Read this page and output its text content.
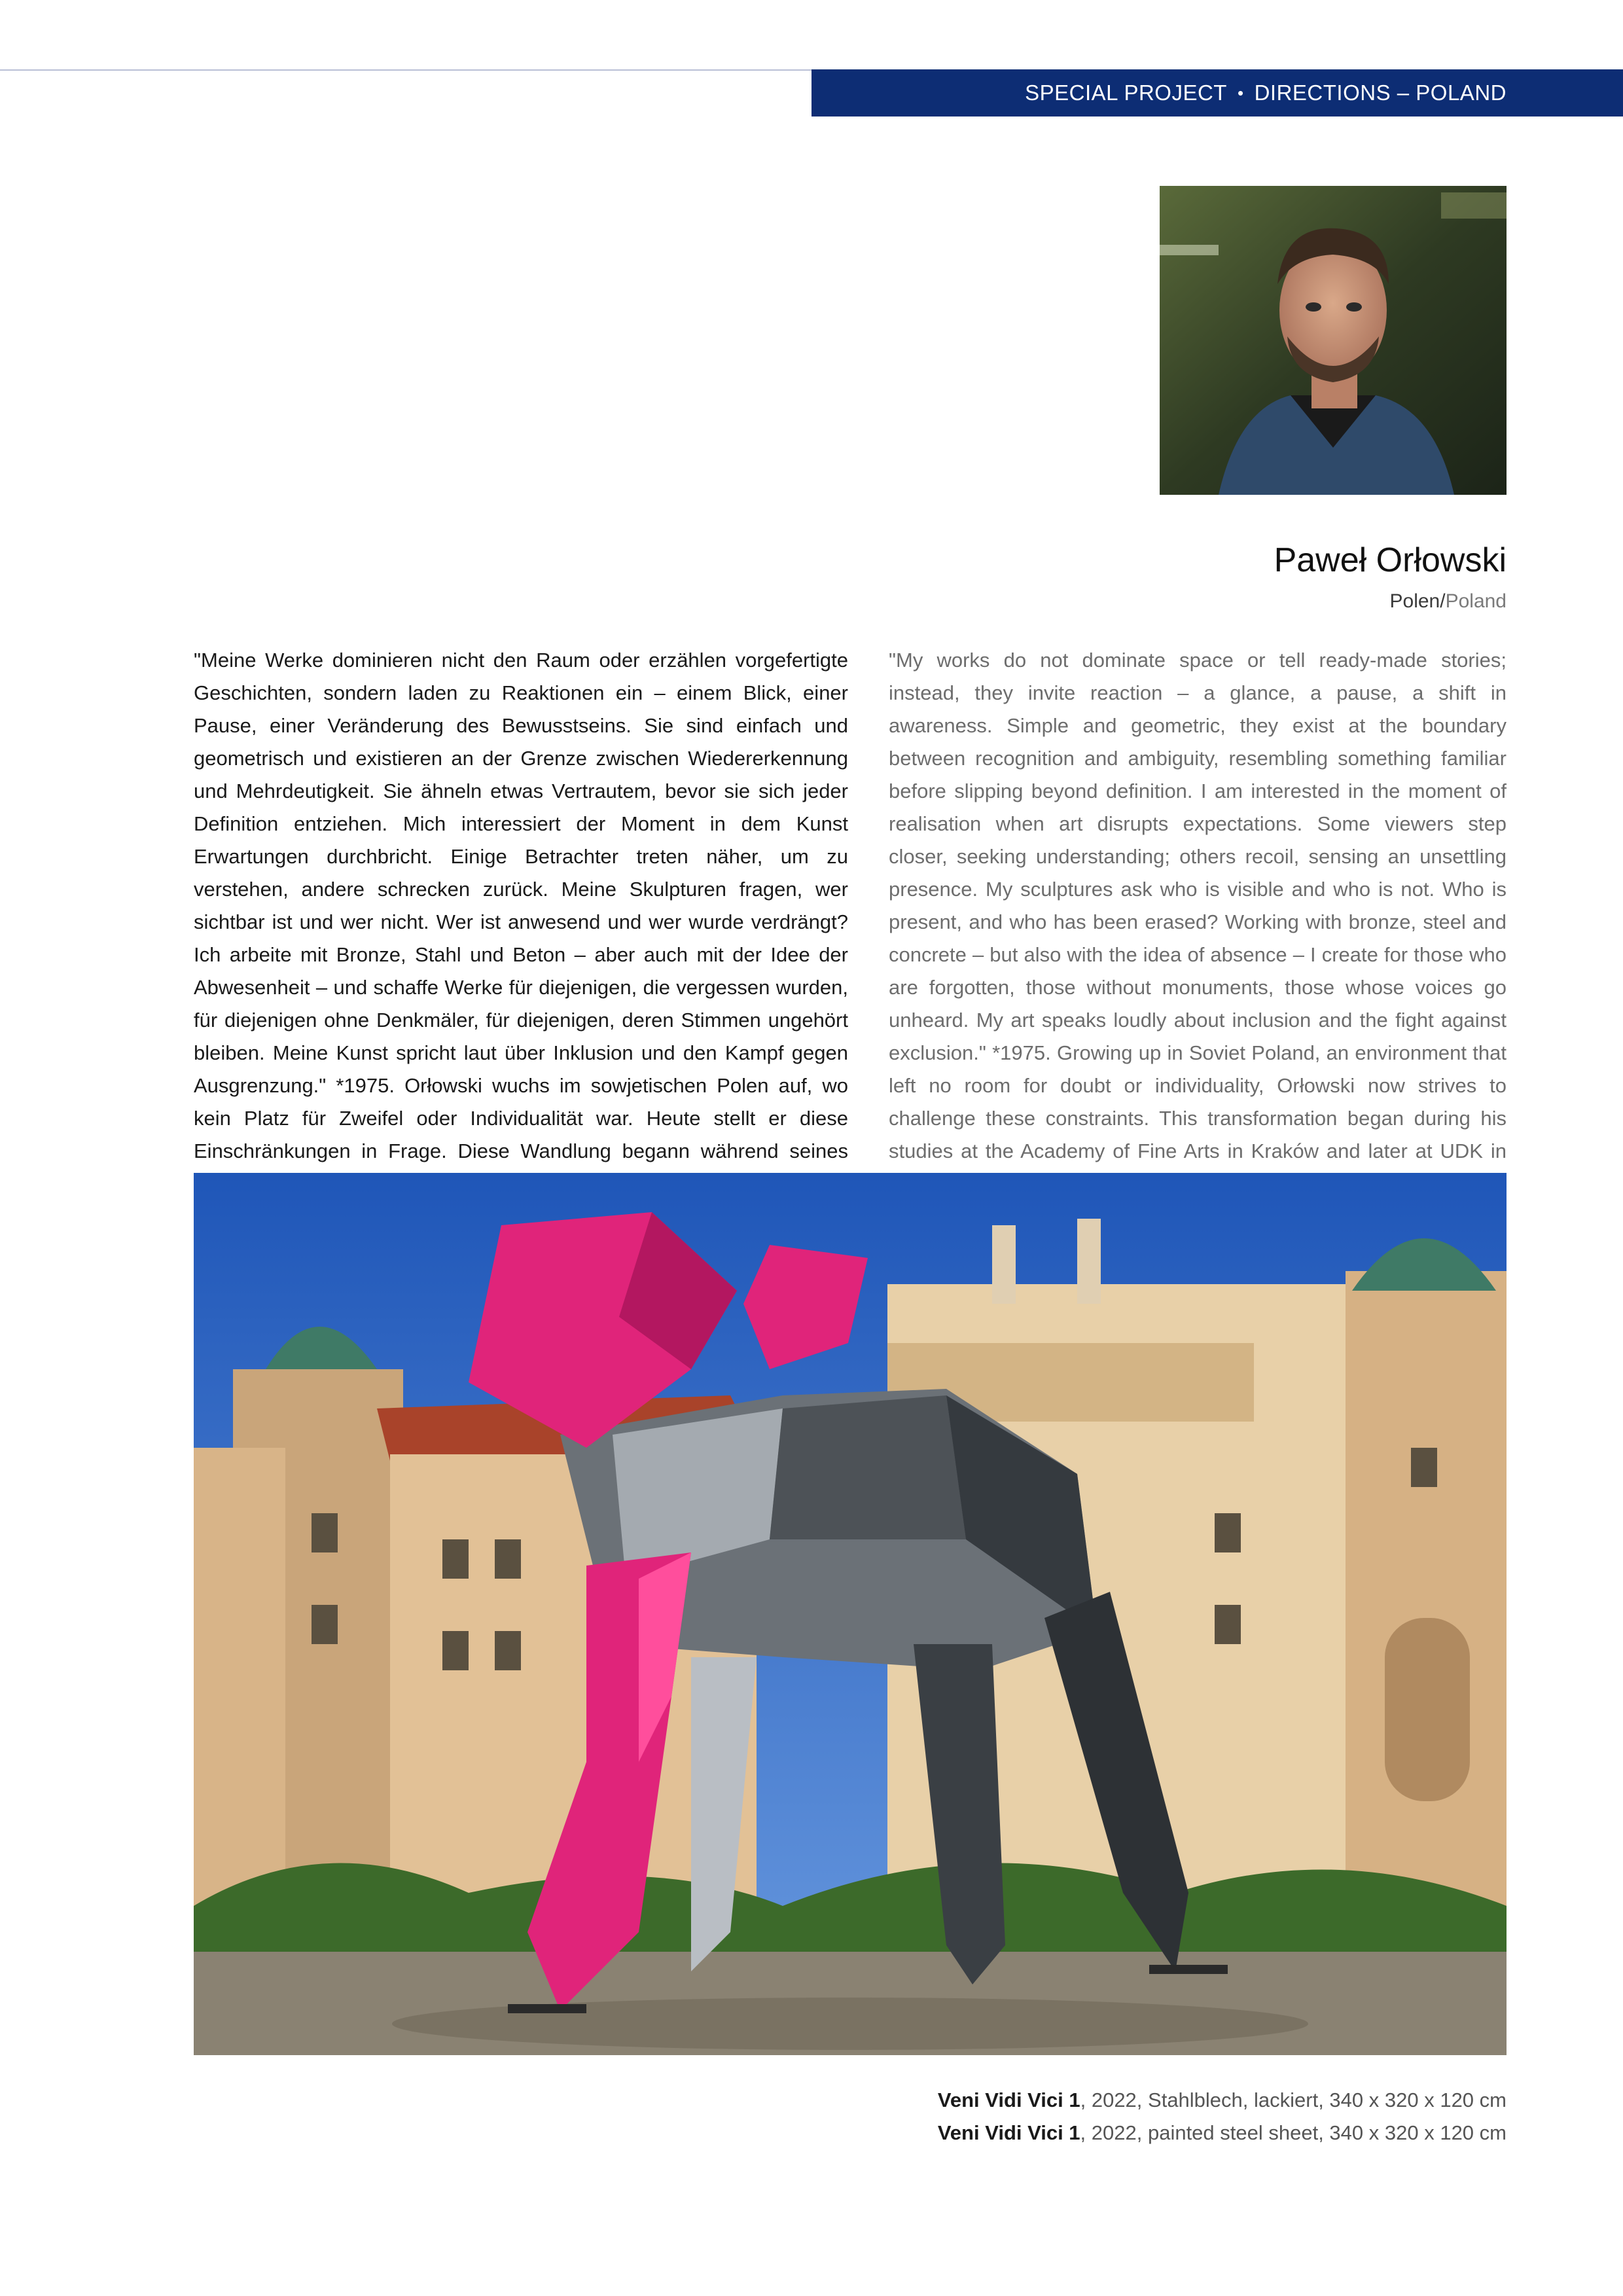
SPECIAL PROJECT • DIRECTIONS – POLAND
Paweł Orłowski
Polen/Poland

"Meine Werke dominieren nicht den Raum oder erzählen vorgefertigte Geschichten, sondern laden zu Reaktionen ein – einem Blick, einer Pause, einer Veränderung des Bewusstseins. Sie sind einfach und geometrisch und existieren an der Grenze zwischen Wiedererkennung und Mehrdeutigkeit. Sie ähneln etwas Vertrautem, bevor sie sich jeder Definition entziehen. Mich interessiert der Moment in dem Kunst Erwartungen durchbricht. Einige Betrachter treten näher, um zu verstehen, andere schrecken zurück. Meine Skulpturen fragen, wer sichtbar ist und wer nicht. Wer ist anwesend und wer wurde verdrängt? Ich arbeite mit Bronze, Stahl und Beton – aber auch mit der Idee der Abwesenheit – und schaffe Werke für diejenigen, die vergessen wurden, für diejenigen ohne Denkmäler, für diejenigen, deren Stimmen ungehört bleiben. Meine Kunst spricht laut über Inklusion und den Kampf gegen Ausgrenzung." *1975. Orłowski wuchs im sowjetischen Polen auf, wo kein Platz für Zweifel oder Individualität war. Heute stellt er diese Einschränkungen in Frage. Diese Wandlung begann während seines

"My works do not dominate space or tell ready-made stories; instead, they invite reaction – a glance, a pause, a shift in awareness. Simple and geometric, they exist at the boundary between recognition and ambiguity, resembling something familiar before slipping beyond definition. I am interested in the moment of realisation when art disrupts expectations. Some viewers step closer, seeking understanding; others recoil, sensing an unsettling presence. My sculptures ask who is visible and who is not. Who is present, and who has been erased? Working with bronze, steel and concrete – but also with the idea of absence – I create for those who are forgotten, those without monuments, those whose voices go unheard. My art speaks loudly about inclusion and the fight against exclusion." *1975. Growing up in Soviet Poland, an environment that left no room for doubt or individuality, Orłowski now strives to challenge these constraints. This transformation began during his studies at the Academy of Fine Arts in Kraków and later at UDK in

Veni Vidi Vici 1, 2022, Stahlblech, lackiert, 340 x 320 x 120 cm
Veni Vidi Vici 1, 2022, painted steel sheet, 340 x 320 x 120 cm
